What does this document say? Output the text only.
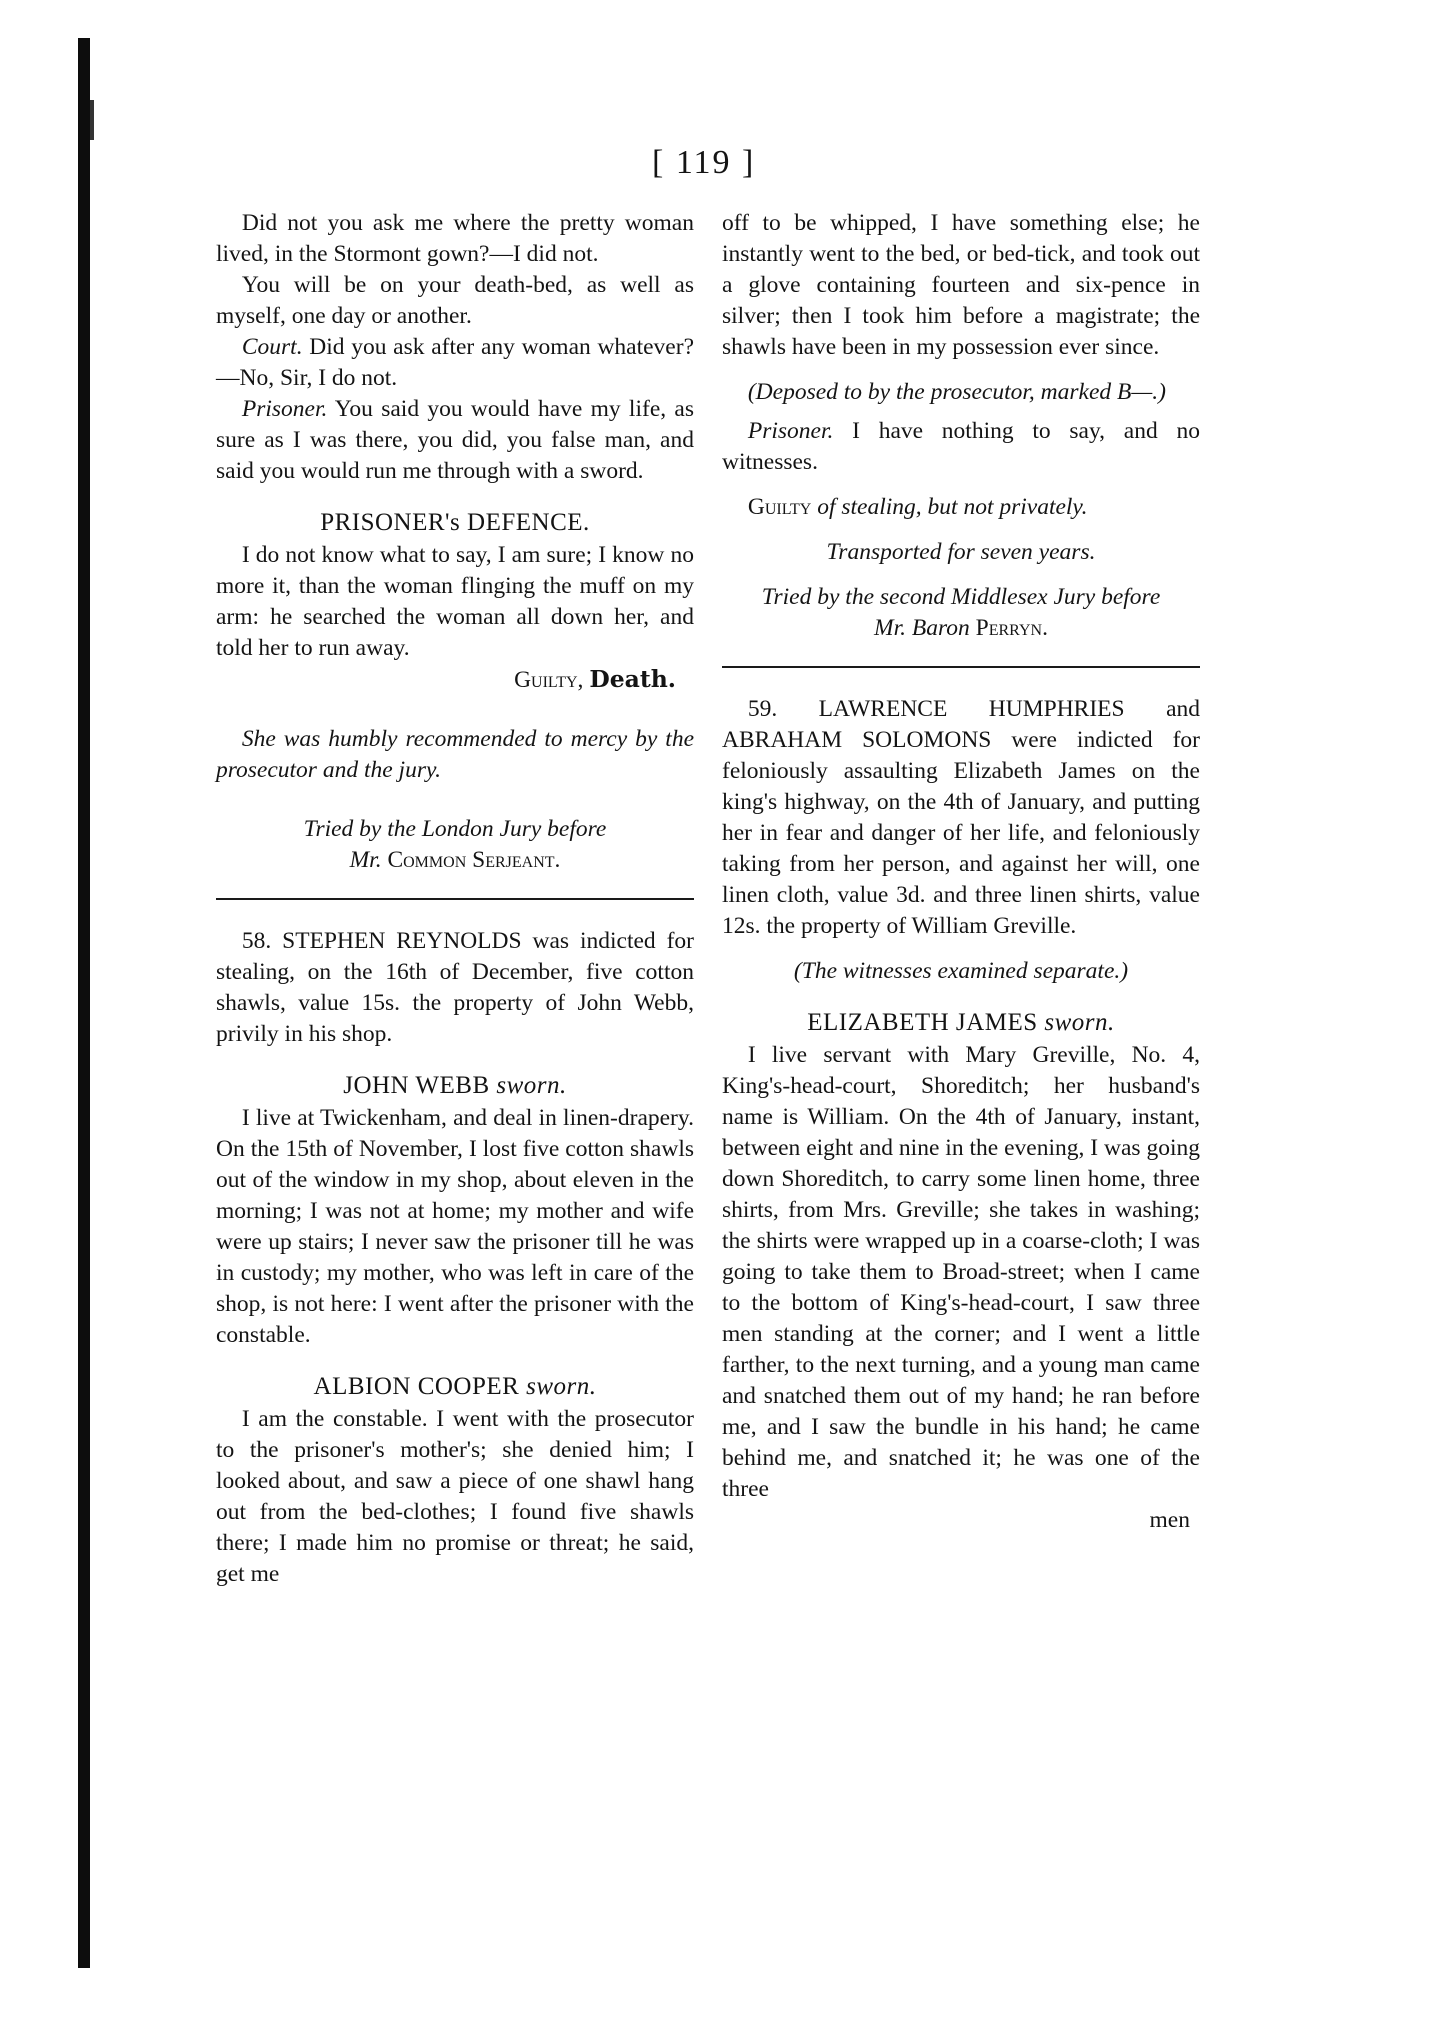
[ 119 ]

Did not you ask me where the pretty woman lived, in the Stormont gown?—I did not.

You will be on your death-bed, as well as myself, one day or another.

Court. Did you ask after any woman whatever?—No, Sir, I do not.

Prisoner. You said you would have my life, as sure as I was there, you did, you false man, and said you would run me through with a sword.

PRISONER's DEFENCE.

I do not know what to say, I am sure; I know no more it, than the woman flinging the muff on my arm: he searched the woman all down her, and told her to run away.

Guilty, Death.

She was humbly recommended to mercy by the prosecutor and the jury.

Tried by the London Jury before

Mr. Common Serjeant.

58. STEPHEN REYNOLDS was indicted for stealing, on the 16th of December, five cotton shawls, value 15s. the property of John Webb, privily in his shop.

JOHN WEBB sworn.

I live at Twickenham, and deal in linen-drapery. On the 15th of November, I lost five cotton shawls out of the window in my shop, about eleven in the morning; I was not at home; my mother and wife were up stairs; I never saw the prisoner till he was in custody; my mother, who was left in care of the shop, is not here: I went after the prisoner with the constable.

ALBION COOPER sworn.

I am the constable. I went with the prosecutor to the prisoner's mother's; she denied him; I looked about, and saw a piece of one shawl hang out from the bed-clothes; I found five shawls there; I made him no promise or threat; he said, get me

off to be whipped, I have something else; he instantly went to the bed, or bed-tick, and took out a glove containing fourteen and six-pence in silver; then I took him before a magistrate; the shawls have been in my possession ever since.

(Deposed to by the prosecutor, marked B—.)

Prisoner. I have nothing to say, and no witnesses.

Guilty of stealing, but not privately.

Transported for seven years.

Tried by the second Middlesex Jury before

Mr. Baron Perryn.

59. LAWRENCE HUMPHRIES and ABRAHAM SOLOMONS were indicted for feloniously assaulting Elizabeth James on the king's highway, on the 4th of January, and putting her in fear and danger of her life, and feloniously taking from her person, and against her will, one linen cloth, value 3d. and three linen shirts, value 12s. the property of William Greville.

(The witnesses examined separate.)

ELIZABETH JAMES sworn.

I live servant with Mary Greville, No. 4, King's-head-court, Shoreditch; her husband's name is William. On the 4th of January, instant, between eight and nine in the evening, I was going down Shoreditch, to carry some linen home, three shirts, from Mrs. Greville; she takes in washing; the shirts were wrapped up in a coarse-cloth; I was going to take them to Broad-street; when I came to the bottom of King's-head-court, I saw three men standing at the corner; and I went a little farther, to the next turning, and a young man came and snatched them out of my hand; he ran before me, and I saw the bundle in his hand; he came behind me, and snatched it; he was one of the three

men
